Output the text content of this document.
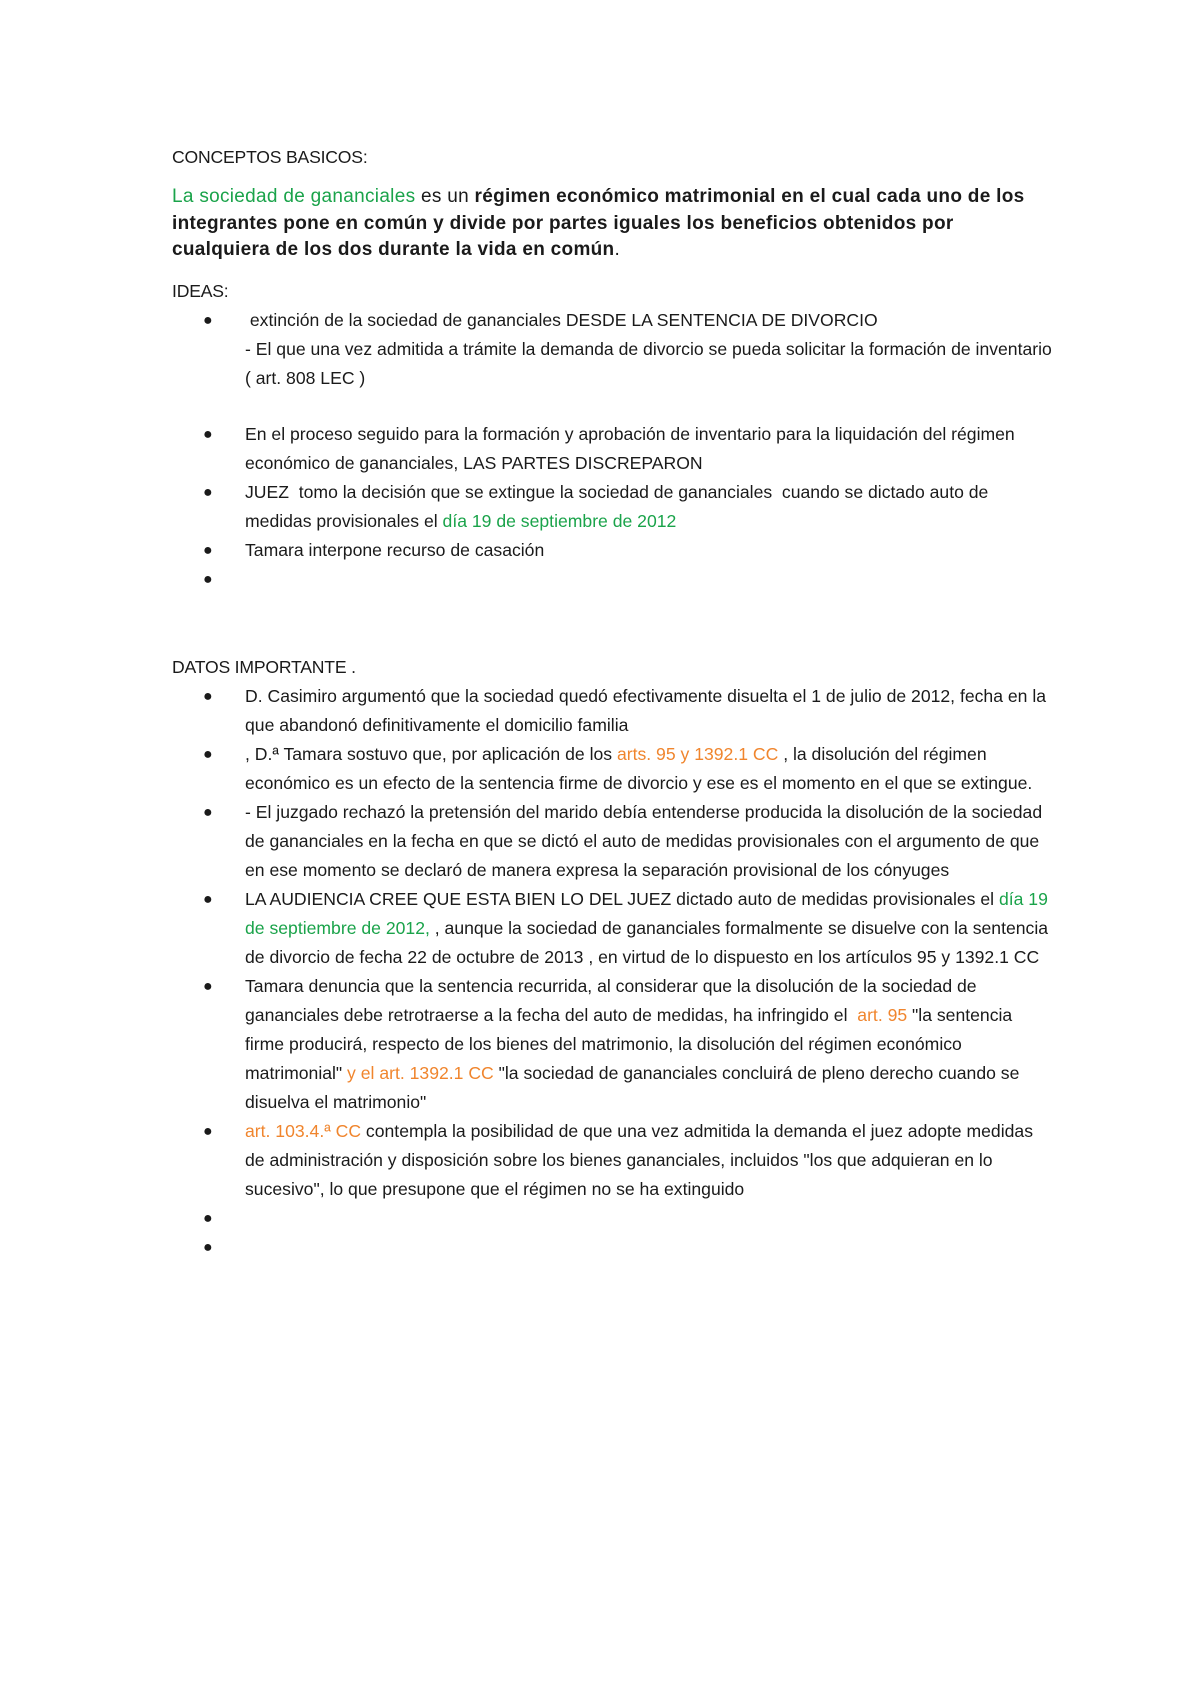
CONCEPTOS BASICOS:

La sociedad de gananciales es un régimen económico matrimonial en el cual cada uno de los integrantes pone en común y divide por partes iguales los beneficios obtenidos por cualquiera de los dos durante la vida en común.

IDEAS:

● extinción de la sociedad de gananciales DESDE LA SENTENCIA DE DIVORCIO
- El que una vez admitida a trámite la demanda de divorcio se pueda solicitar la formación de inventario ( art. 808 LEC )
● En el proceso seguido para la formación y aprobación de inventario para la liquidación del régimen económico de gananciales, LAS PARTES DISCREPARON
● JUEZ  tomo la decisión que se extingue la sociedad de gananciales  cuando se dictado auto de medidas provisionales el día 19 de septiembre de 2012
● Tamara interpone recurso de casación
●

DATOS IMPORTANTE .

● D. Casimiro argumentó que la sociedad quedó efectivamente disuelta el 1 de julio de 2012, fecha en la que abandonó definitivamente el domicilio familia
● , D.ª Tamara sostuvo que, por aplicación de los arts. 95 y 1392.1 CC , la disolución del régimen económico es un efecto de la sentencia firme de divorcio y ese es el momento en el que se extingue.
● - El juzgado rechazó la pretensión del marido debía entenderse producida la disolución de la sociedad de gananciales en la fecha en que se dictó el auto de medidas provisionales con el argumento de que en ese momento se declaró de manera expresa la separación provisional de los cónyuges
● LA AUDIENCIA CREE QUE ESTA BIEN LO DEL JUEZ dictado auto de medidas provisionales el día 19 de septiembre de 2012, , aunque la sociedad de gananciales formalmente se disuelve con la sentencia de divorcio de fecha 22 de octubre de 2013 , en virtud de lo dispuesto en los artículos 95 y 1392.1 CC
● Tamara denuncia que la sentencia recurrida, al considerar que la disolución de la sociedad de gananciales debe retrotraerse a la fecha del auto de medidas, ha infringido el  art. 95 "la sentencia firme producirá, respecto de los bienes del matrimonio, la disolución del régimen económico matrimonial" y el art. 1392.1 CC "la sociedad de gananciales concluirá de pleno derecho cuando se disuelva el matrimonio"
● art. 103.4.ª CC contempla la posibilidad de que una vez admitida la demanda el juez adopte medidas de administración y disposición sobre los bienes gananciales, incluidos "los que adquieran en lo sucesivo", lo que presupone que el régimen no se ha extinguido
●

●
